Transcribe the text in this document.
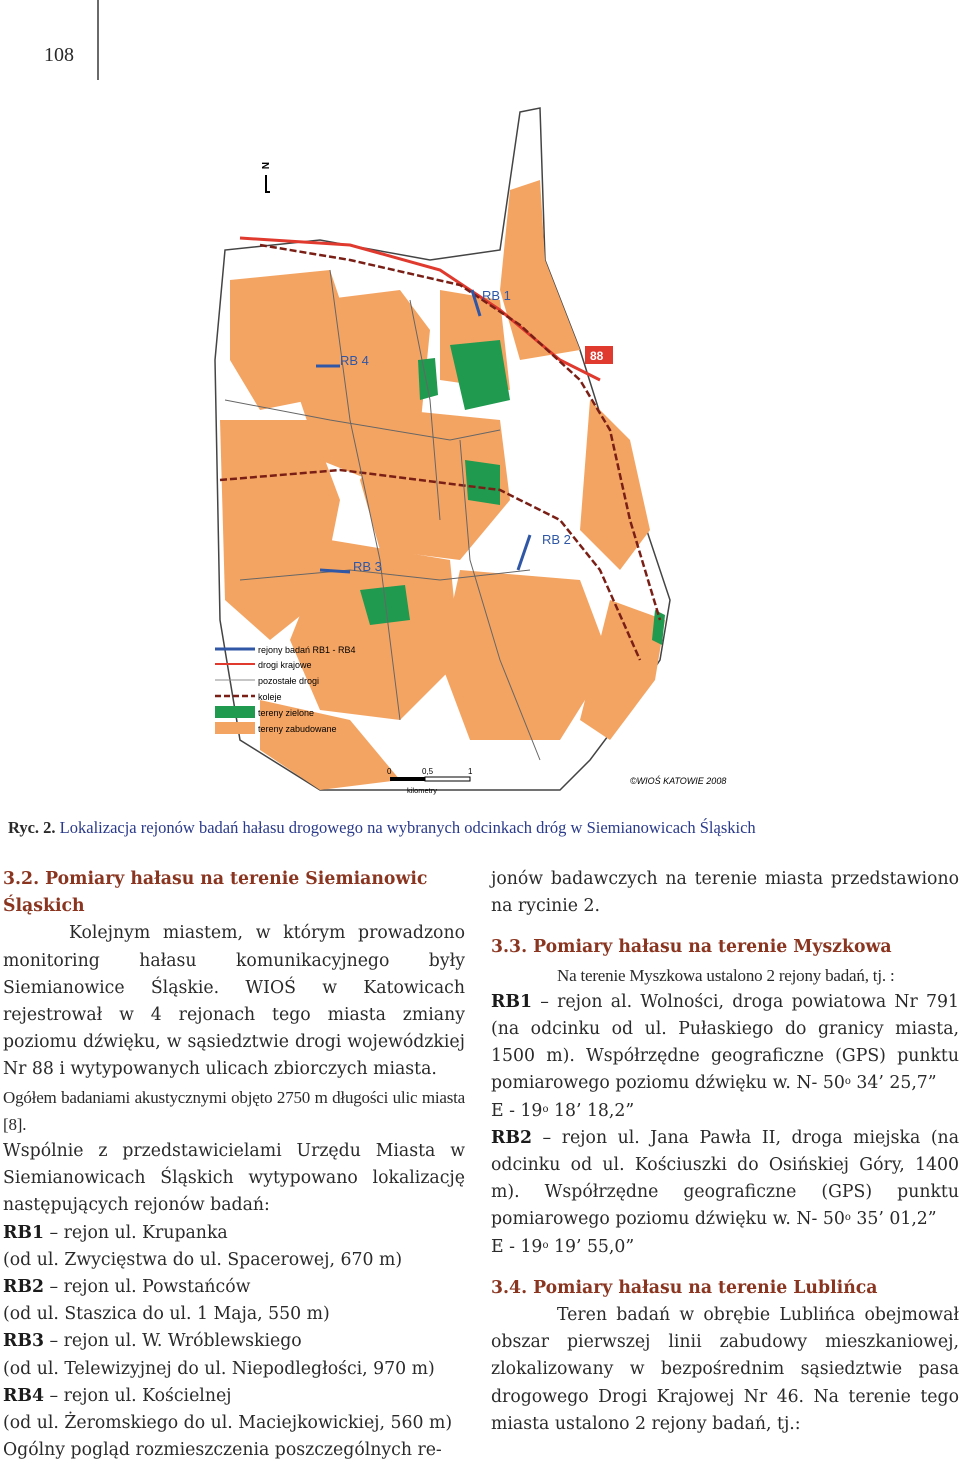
108
N
RB 1
RB 2
RB 3
RB 4	88
rejony badań RB1 - RB4
drogi krajowe
pozostałe drogi
koleje
tereny zielone
tereny zabudowane
0	0,5	1
kilometry
©WIOŚ KATOWIE 2008
Ryc. 2. Lokalizacja rejonów badań hałasu drogowego na wybranych odcinkach dróg w Siemianowicach Śląskich

3.2. Pomiary hałasu na terenie Siemianowic Śląskich

Kolejnym miastem, w którym prowadzono monitoring hałasu komunikacyjnego były Siemianowice Śląskie. WIOŚ w Katowicach rejestrował w 4 rejonach tego miasta zmiany poziomu dźwięku, w sąsiedztwie drogi wojewódzkiej Nr 88 i wytypowanych ulicach zbiorczych miasta.

Ogółem badaniami akustycznymi objęto 2750 m długości ulic miasta [8].

Wspólnie z przedstawicielami Urzędu Miasta w Siemianowicach Śląskich wytypowano lokalizację następujących rejonów badań:

RB1 – rejon ul. Krupanka

(od ul. Zwycięstwa do ul. Spacerowej, 670 m)

RB2 – rejon ul. Powstańców

(od ul. Staszica do ul. 1 Maja, 550 m)

RB3 – rejon ul. W. Wróblewskiego

(od ul. Telewizyjnej do ul. Niepodległości, 970 m)

RB4 – rejon ul. Kościelnej

(od ul. Żeromskiego do ul. Maciejkowickiej, 560 m)

Ogólny pogląd rozmieszczenia poszczególnych re-

jonów badawczych na terenie miasta przedstawiono na rycinie 2.

3.3. Pomiary hałasu na terenie Myszkowa

Na terenie Myszkowa ustalono 2 rejony badań, tj. :

RB1 – rejon al. Wolności, droga powiatowa Nr 791 (na odcinku od ul. Pułaskiego do granicy miasta, 1500 m). Współrzędne geograficzne (GPS) punktu pomiarowego poziomu dźwięku w. N- 50$^o$ 34’ 25,7”
E - 19$^o$ 18’ 18,2”

RB2 – rejon ul. Jana Pawła II, droga miejska (na odcinku od ul. Kościuszki do Osińskiej Góry, 1400 m). Współrzędne geograficzne (GPS) punktu pomiarowego poziomu dźwięku w. N- 50$^o$ 35’ 01,2”
E - 19$^o$ 19’ 55,0”

3.4. Pomiary hałasu na terenie Lublińca

Teren badań w obrębie Lublińca obejmował obszar pierwszej linii zabudowy mieszkaniowej, zlokalizowany w bezpośrednim sąsiedztwie pasa drogowego Drogi Krajowej Nr 46. Na terenie tego miasta ustalono 2 rejony badań, tj.:
